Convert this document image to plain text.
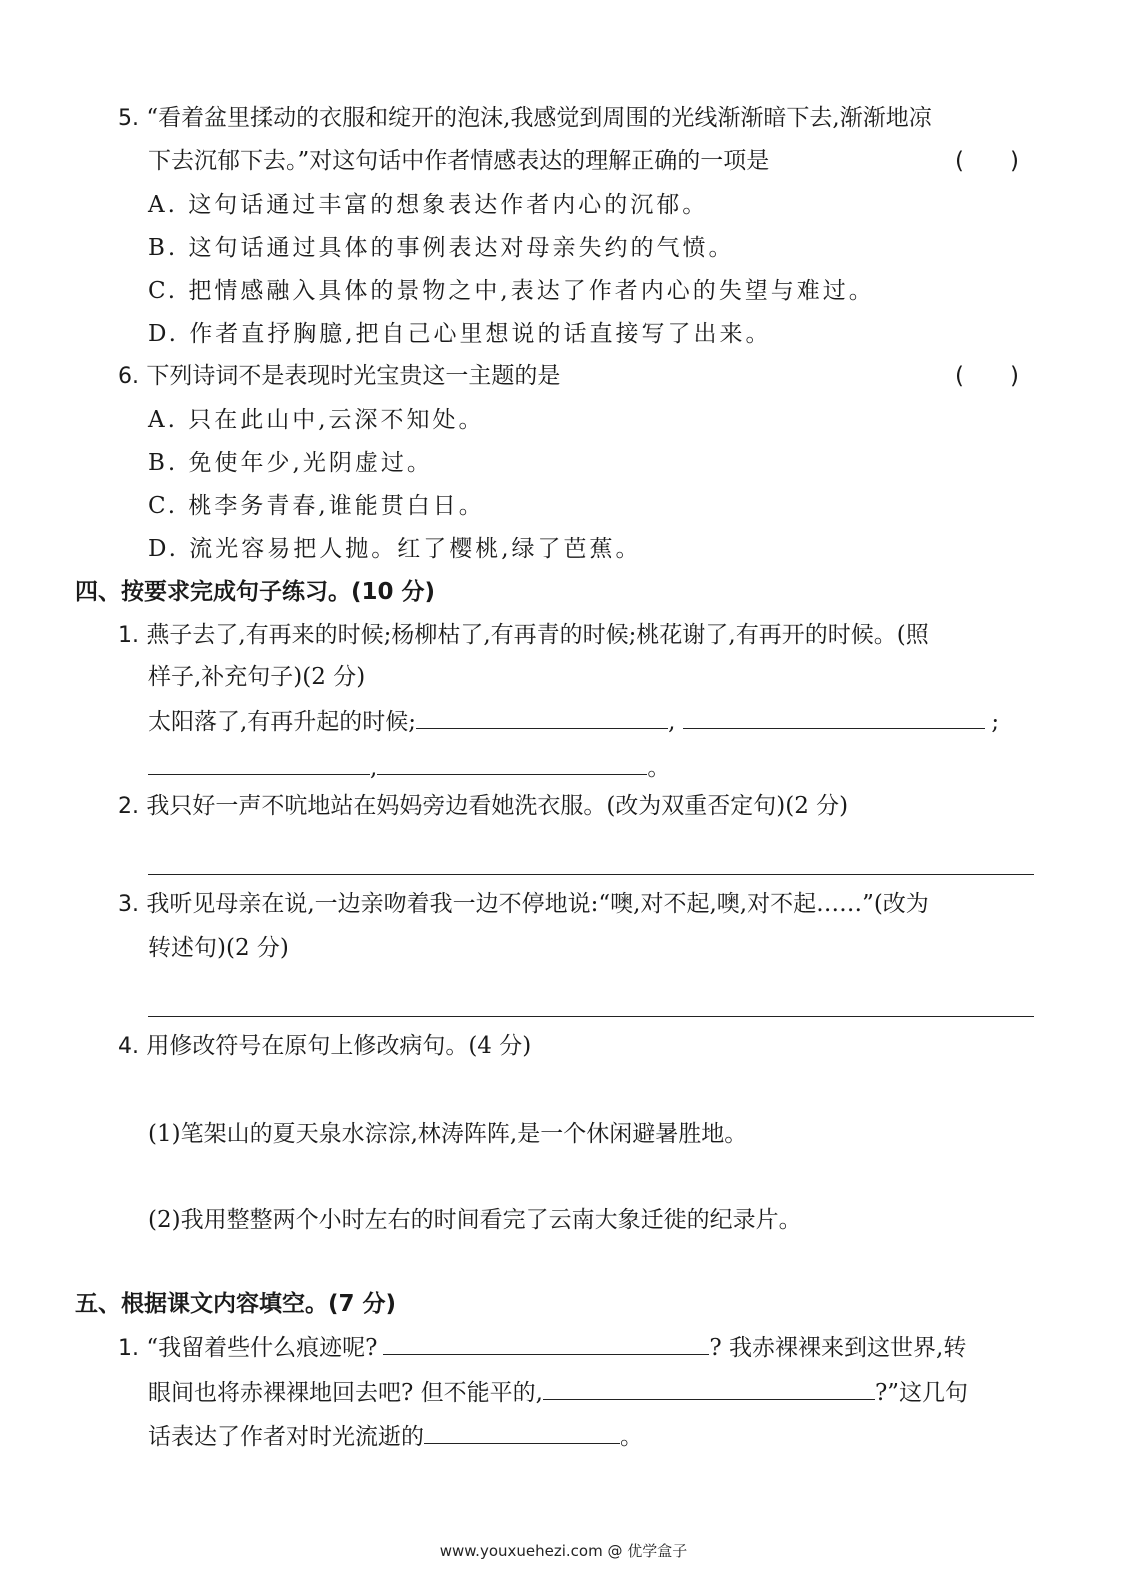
5. “看着盆里揉动的衣服和绽开的泡沫,我感觉到周围的光线渐渐暗下去,渐渐地凉
下去沉郁下去。”对这句话中作者情感表达的理解正确的一项是	(　　)
A. 这句话通过丰富的想象表达作者内心的沉郁。
B. 这句话通过具体的事例表达对母亲失约的气愤。
C. 把情感融入具体的景物之中,表达了作者内心的失望与难过。
D. 作者直抒胸臆,把自己心里想说的话直接写了出来。
6. 下列诗词不是表现时光宝贵这一主题的是	(　　)
A. 只在此山中,云深不知处。
B. 免使年少,光阴虚过。
C. 桃李务青春,谁能贯白日。
D. 流光容易把人抛。红了樱桃,绿了芭蕉。
四、按要求完成句子练习。(10 分)
1. 燕子去了,有再来的时候;杨柳枯了,有再青的时候;桃花谢了,有再开的时候。(照
样子,补充句子)(2 分)
太阳落了,有再升起的时候;	,	;
,	。
2. 我只好一声不吭地站在妈妈旁边看她洗衣服。(改为双重否定句)(2 分)
3. 我听见母亲在说,一边亲吻着我一边不停地说:“噢,对不起,噢,对不起……”(改为
转述句)(2 分)
4. 用修改符号在原句上修改病句。(4 分)
(1)笔架山的夏天泉水淙淙,林涛阵阵,是一个休闲避暑胜地。
(2)我用整整两个小时左右的时间看完了云南大象迁徙的纪录片。
五、根据课文内容填空。(7 分)
1. “我留着些什么痕迹呢?	? 我赤裸裸来到这世界,转
眼间也将赤裸裸地回去吧? 但不能平的,	?”这几句
话表达了作者对时光流逝的	。
www.youxuehezi.com @ 优学盒子
